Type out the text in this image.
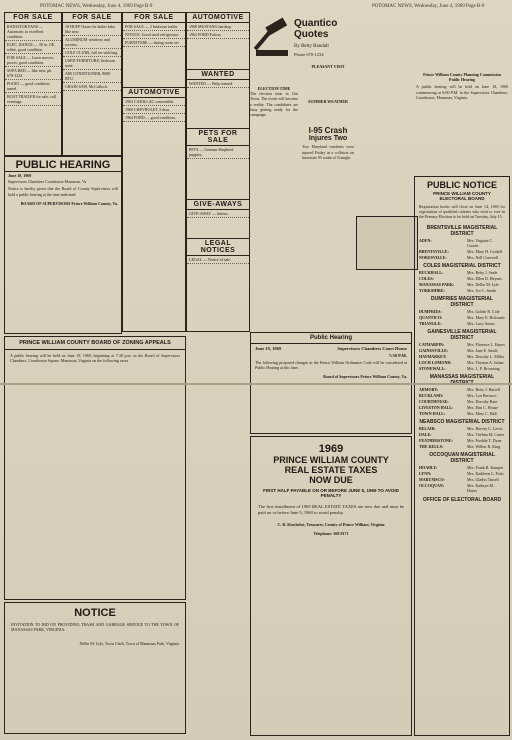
POTOMAC NEWS, Wednesday, June 4, 1969 Page B-9	POTOMAC NEWS, Wednesday, June 4, 1969 Page B-9
FOR SALE
RADIATOR FANS — Automatic in excellent condition.
ELEC. RANGE — 30 in. GE, white, good condition.
FOR SALE — Lawn mower, power, good condition.
SOFA BED — like new, ph. 670-1234
PIANO — good condition, tuned.
BOAT TRAILER for sale, call evenings.
FOR SALE
18 HUFF Ouaso 6x ladies bike, like new.
ALUMINUM windows and screens.
GOLF CLUBS, full set with bag.
USED FURNITURE, bedroom suite.
AIR CONDITIONER, 8000 BTU.
CHAIN SAW, McCulloch.
FOR SALE
FOR SALE — 2 bedroom trailer.
NOTICE: Good used refrigerator.
FURNITURE — dining room set.
AUTOMOTIVE
1963 CADILLAC convertible.
1960 CHEVROLET 4 door.
1964 FORD — good condition.
AUTOMOTIVE
1968 MUSTANG hardtop.
1962 FORD Falcon.
WANTED
WANTED — Help wanted.
PETS FOR SALE
PETS — German Shepherd puppies.
GIVE-AWAYS
GIVE-AWAY — kittens.
LEGAL NOTICES
LEGAL — Notice of sale.
PUBLIC HEARING
June 10, 1969
Supervisors Chambers Courthouse Manassas, Va
Notice is hereby given that the Board of County Supervisors will hold a public hearing at the time indicated.
BOARD OF SUPERVISORS Prince William County, Va.
PRINCE WILLIAM COUNTY BOARD OF ZONING APPEALS
A public hearing will be held on June 19, 1969, beginning at 7:30 p.m. in the Board of Supervisors Chambers, Courthouse Square, Manassas, Virginia on the following cases.
NOTICE
INVITATION TO BID ON PROVIDING TRASH AND GARBAGE SERVICE TO THE TOWN OF MANASSAS PARK, VIRGINIA.
Nellie M. Lyle, Town Clerk, Town of Manassas Park, Virginia
Quantico Quotes
By Betty Randall
Phone 670-1234
ELECTION TIME
The election time in Our Town. The event will become a reality. The candidates are busy getting ready for the campaign.
PLEASANT VISIT
SUMMER WEATHER
I-95 Crash
Injures Two
Two Maryland residents were injured Friday in a collision on Interstate 95 south of Triangle.
Public Hearing
June 19, 1969	Supervisors Chambers Court House
7:30 P.M.
The following proposed changes in the Prince William Ordinance Code will be considered at Public Hearing at this time.
Board of Supervisors Prince William County, Va.
1969
PRINCE WILLIAM COUNTY
REAL ESTATE TAXES
NOW DUE
FIRST HALF PAYABLE ON OR BEFORE JUNE 5, 1969 TO AVOID PENALTY
The first installment of 1969 REAL ESTATE TAXES are now due and must be paid on or before June 5, 1969 to avoid penalty.
C. R. Kincheloe, Treasurer, County of Prince William, Virginia
Telephone: 368-9171
Prince William County Planning Commission
Public Hearing
A public hearing will be held on June 18, 1969 commencing at 8:00 P.M. in the Supervisors Chambers, Courthouse, Manassas, Virginia.
PUBLIC NOTICE
PRINCE WILLIAM COUNTY ELECTORAL BOARD
Registration books will close on June 14, 1969 for registration of qualified citizens who wish to vote in the Primary Election to be held on Tuesday, July 15.
BRENTSVILLE MAGISTERIAL DISTRICT
ADEN:	Mrs. Virginia C. Garrett
BRENTSVILLE:	Mrs. Mary H. Cordell
NOKESVILLE:	Mrs. Nell Cornwell
COLES MAGISTERIAL DISTRICT
BUCKHALL:	Mrs. Betty J. Seale
COLES:	Mrs. Ellen D. Haynes
MANASSAS PARK:	Mrs. Nellie M. Lyle
YORKSHIRE:	Mrs. Ivo C. Smith
DUMFRIES MAGISTERIAL DISTRICT
DUMFRIES:	Mrs. Goldie B. Cole
QUANTICO:	Mrs. Mary E. Holcomb
TRIANGLE:	Mrs. Lucy Amiss
GAINESVILLE MAGISTERIAL DISTRICT
CATHARPIN:	Mrs. Florence L. Hayes
GAINESVILLE:	Mrs. Jane E. Smith
HAYMARKET:	Mrs. Dorothy L. Miller
LOCH LOMOND:	Mrs. Thomas A. Julian
STONEWALL:	Mrs. L. P. Browning
MANASSAS MAGISTERIAL
ARMORY:	Mrs. Betty J. Harrell
BUCKLAND:	Mrs. Lou Bertucci
COURTHOUSE:	Mrs. Dorothy Bain
LIVESTON HALL:	Mrs. Dan C. House
TOWN HALL:	Mrs. Mary C. Hall
NEABSCO MAGISTERIAL DISTRICT
BELAIR:	Mrs. Harvey C. Lewis
DALE:	Mrs. Thelma M. Carter
FEATHERSTONE:	Mrs. Freddie T. Dyne
THE KELLS:	Mrs. Wilbur R. King
OCCOQUAN MAGISTERIAL DISTRICT
HOADLY:	Mrs. Frank B. Kamper
LYNN:	Mrs. Kathleen C. Potts
MARUMSCO:	Mrs. Gladys Tassell
OCCOQUAN:	Mrs. Kathryn M. Hayes
OFFICE OF ELECTORAL BOARD
